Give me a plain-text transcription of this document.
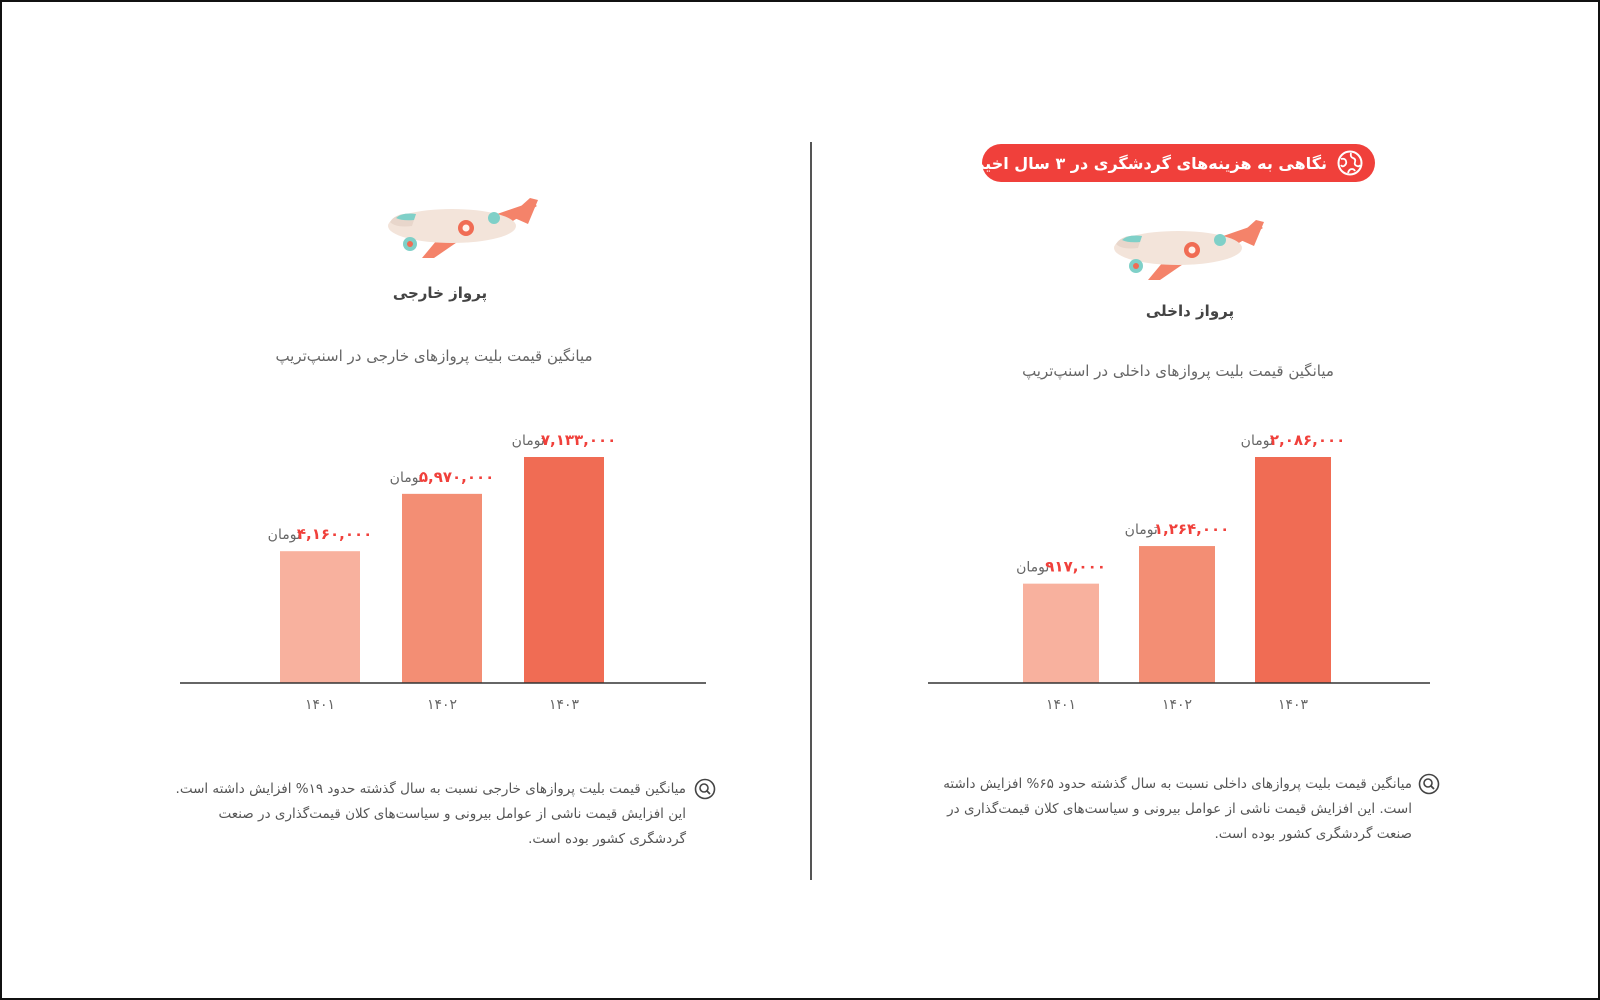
نگاهی به هزینه‌های گردشگری در ۳ سال اخیر
پرواز داخلی
میانگین قیمت بلیت پروازهای داخلی در اسنپ‌تریپ
۹۱۷,۰۰۰تومان
۱۴۰۱
۱,۲۶۴,۰۰۰تومان
۱۴۰۲
۲,۰۸۶,۰۰۰تومان
۱۴۰۳
میانگین قیمت بلیت پروازهای داخلی نسبت به سال گذشته حدود ۶۵% افزایش داشته است. این افزایش قیمت ناشی از عوامل بیرونی و سیاست‌های کلان قیمت‌گذاری در صنعت گردشگری کشور بوده است.
پرواز خارجی
میانگین قیمت بلیت پروازهای خارجی در اسنپ‌تریپ
۴,۱۶۰,۰۰۰تومان
۱۴۰۱
۵,۹۷۰,۰۰۰تومان
۱۴۰۲
۷,۱۳۳,۰۰۰تومان
۱۴۰۳
میانگین قیمت بلیت پروازهای خارجی نسبت به سال گذشته حدود ۱۹% افزایش داشته است. این افزایش قیمت ناشی از عوامل بیرونی و سیاست‌های کلان قیمت‌گذاری در صنعت گردشگری کشور بوده است.
